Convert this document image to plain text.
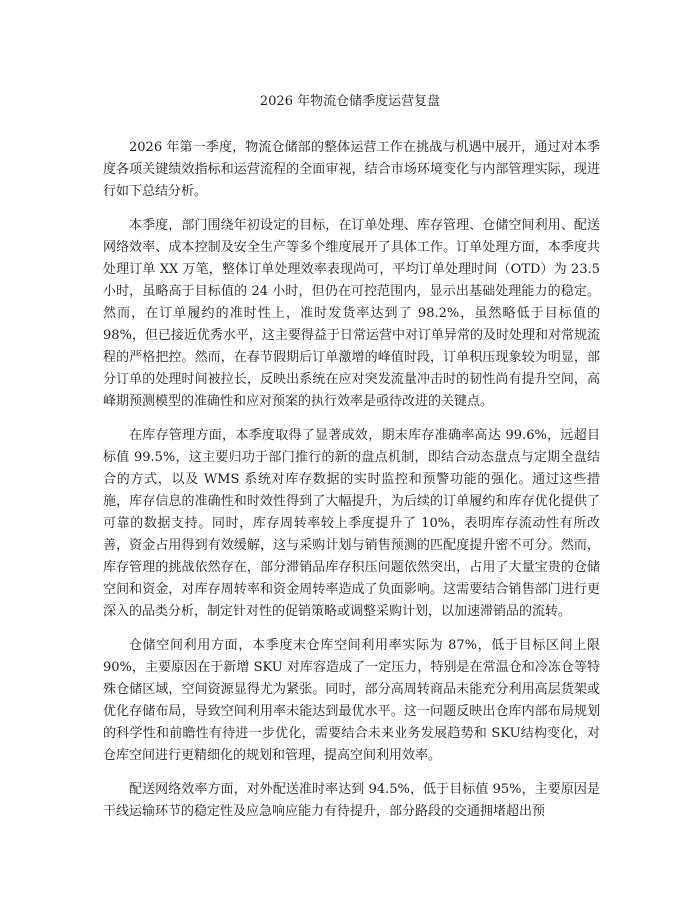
2026 年物流仓储季度运营复盘

2026 年第一季度，物流仓储部的整体运营工作在挑战与机遇中展开，通过对本季度各项关键绩效指标和运营流程的全面审视，结合市场环境变化与内部管理实际，现进行如下总结分析。

本季度，部门围绕年初设定的目标，在订单处理、库存管理、仓储空间利用、配送网络效率、成本控制及安全生产等多个维度展开了具体工作。订单处理方面，本季度共处理订单 XX 万笔，整体订单处理效率表现尚可，平均订单处理时间（OTD）为 23.5 小时，虽略高于目标值的 24 小时，但仍在可控范围内，显示出基础处理能力的稳定。然而，在订单履约的准时性上，准时发货率达到了 98.2%，虽然略低于目标值的 98%，但已接近优秀水平，这主要得益于日常运营中对订单异常的及时处理和对常规流程的严格把控。然而，在春节假期后订单激增的峰值时段，订单积压现象较为明显，部分订单的处理时间被拉长，反映出系统在应对突发流量冲击时的韧性尚有提升空间，高峰期预测模型的准确性和应对预案的执行效率是亟待改进的关键点。

在库存管理方面，本季度取得了显著成效，期末库存准确率高达 99.6%，远超目标值 99.5%，这主要归功于部门推行的新的盘点机制，即结合动态盘点与定期全盘结合的方式，以及 WMS 系统对库存数据的实时监控和预警功能的强化。通过这些措施，库存信息的准确性和时效性得到了大幅提升，为后续的订单履约和库存优化提供了可靠的数据支持。同时，库存周转率较上季度提升了 10%，表明库存流动性有所改善，资金占用得到有效缓解，这与采购计划与销售预测的匹配度提升密不可分。然而，库存管理的挑战依然存在，部分滞销品库存积压问题依然突出，占用了大量宝贵的仓储空间和资金，对库存周转率和资金周转率造成了负面影响。这需要结合销售部门进行更深入的品类分析，制定针对性的促销策略或调整采购计划，以加速滞销品的流转。

仓储空间利用方面，本季度末仓库空间利用率实际为 87%，低于目标区间上限90%，主要原因在于新增 SKU 对库容造成了一定压力，特别是在常温仓和冷冻仓等特殊仓储区域，空间资源显得尤为紧张。同时，部分高周转商品未能充分利用高层货架或优化存储布局，导致空间利用率未能达到最优水平。这一问题反映出仓库内部布局规划的科学性和前瞻性有待进一步优化，需要结合未来业务发展趋势和 SKU结构变化，对仓库空间进行更精细化的规划和管理，提高空间利用效率。

配送网络效率方面，对外配送准时率达到 94.5%，低于目标值 95%，主要原因是干线运输环节的稳定性及应急响应能力有待提升，部分路段的交通拥堵超出预
